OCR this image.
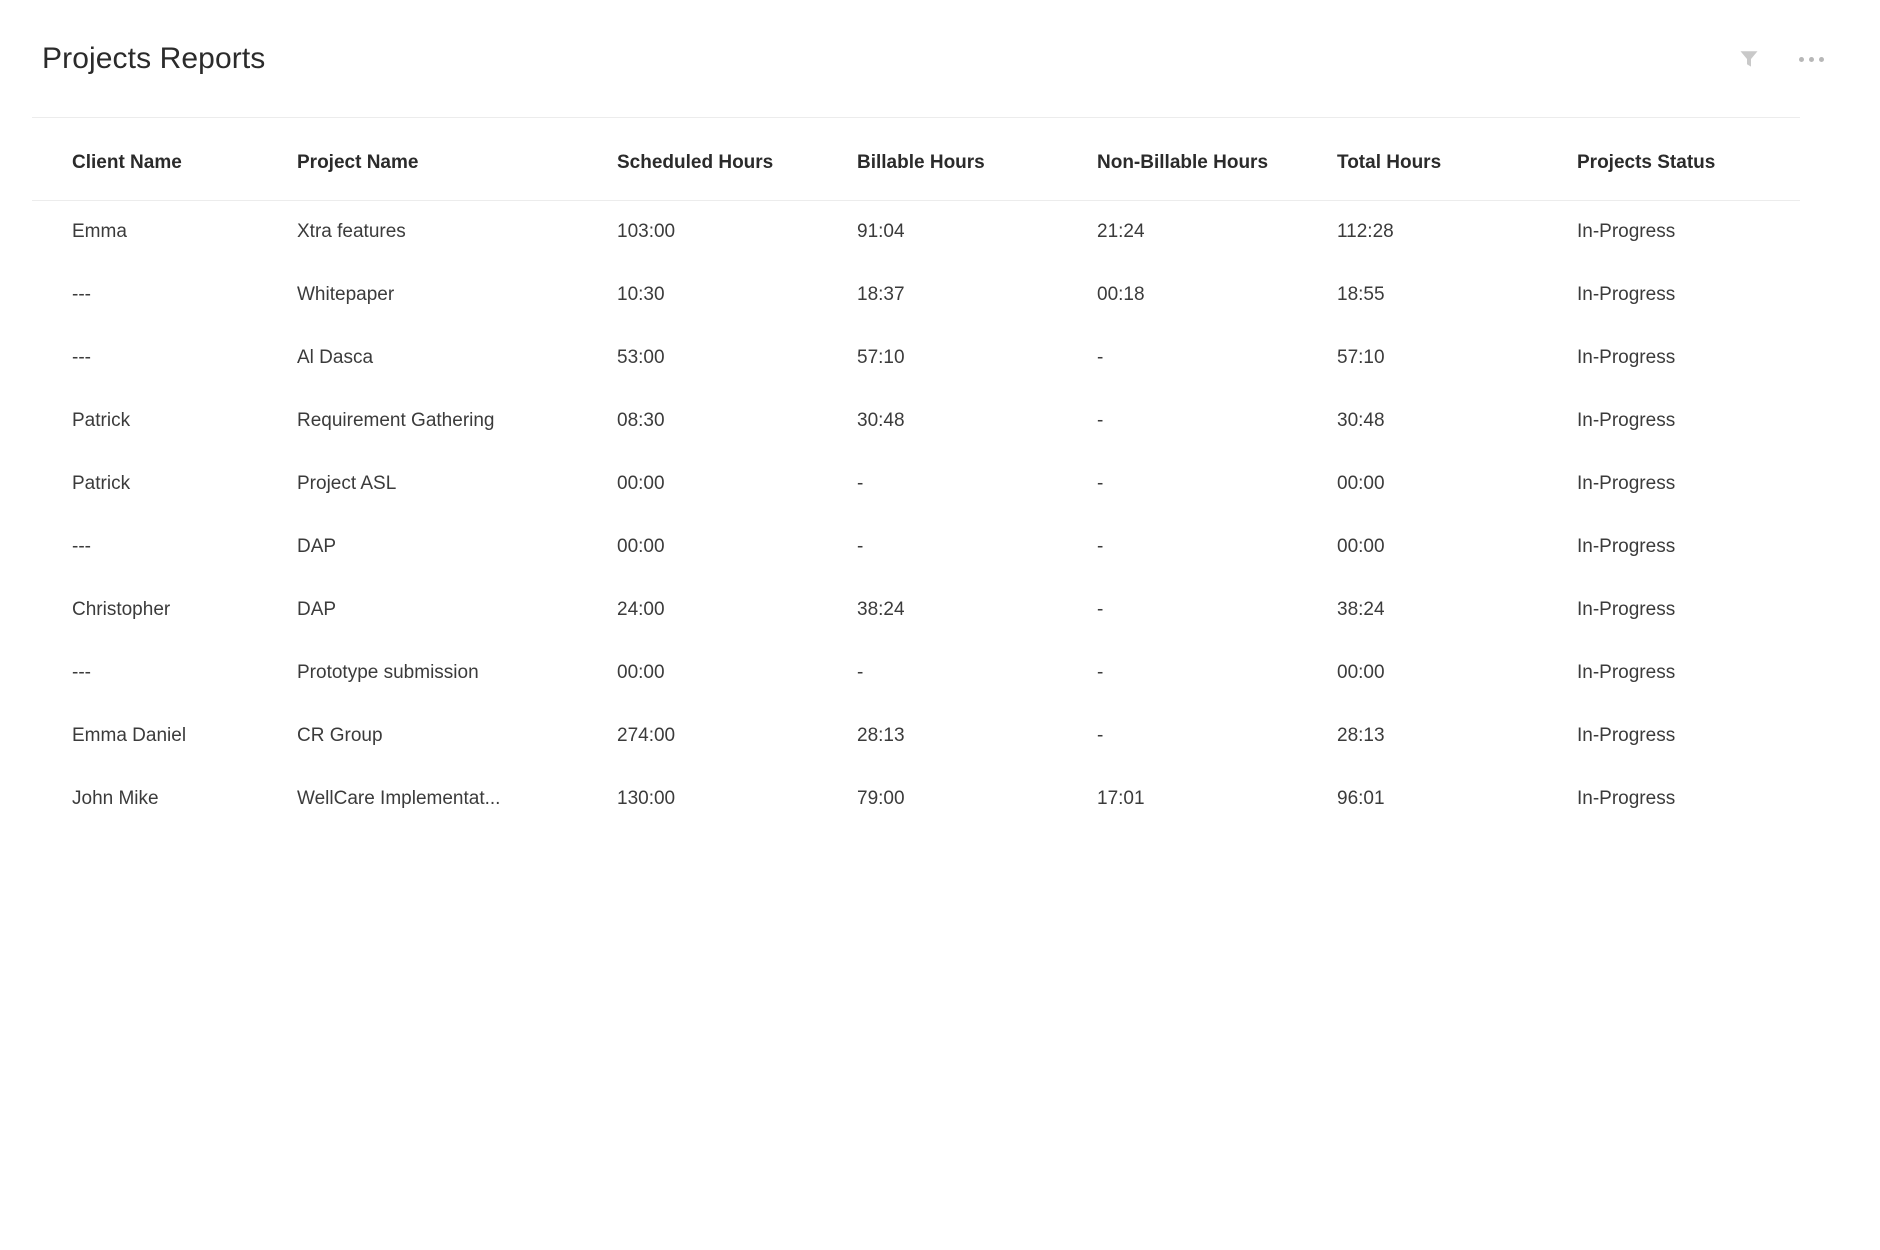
Projects Reports
Client Name	Project Name	Scheduled Hours	Billable Hours	Non-Billable Hours	Total Hours	Projects Status
Emma	Xtra features	103:00	91:04	21:24	112:28	In-Progress
---	Whitepaper	10:30	18:37	00:18	18:55	In-Progress
---	Al Dasca	53:00	57:10	-	57:10	In-Progress
Patrick	Requirement Gathering	08:30	30:48	-	30:48	In-Progress
Patrick	Project ASL	00:00	-	-	00:00	In-Progress
---	DAP	00:00	-	-	00:00	In-Progress
Christopher	DAP	24:00	38:24	-	38:24	In-Progress
---	Prototype submission	00:00	-	-	00:00	In-Progress
Emma Daniel	CR Group	274:00	28:13	-	28:13	In-Progress
John Mike	WellCare Implementat...	130:00	79:00	17:01	96:01	In-Progress
